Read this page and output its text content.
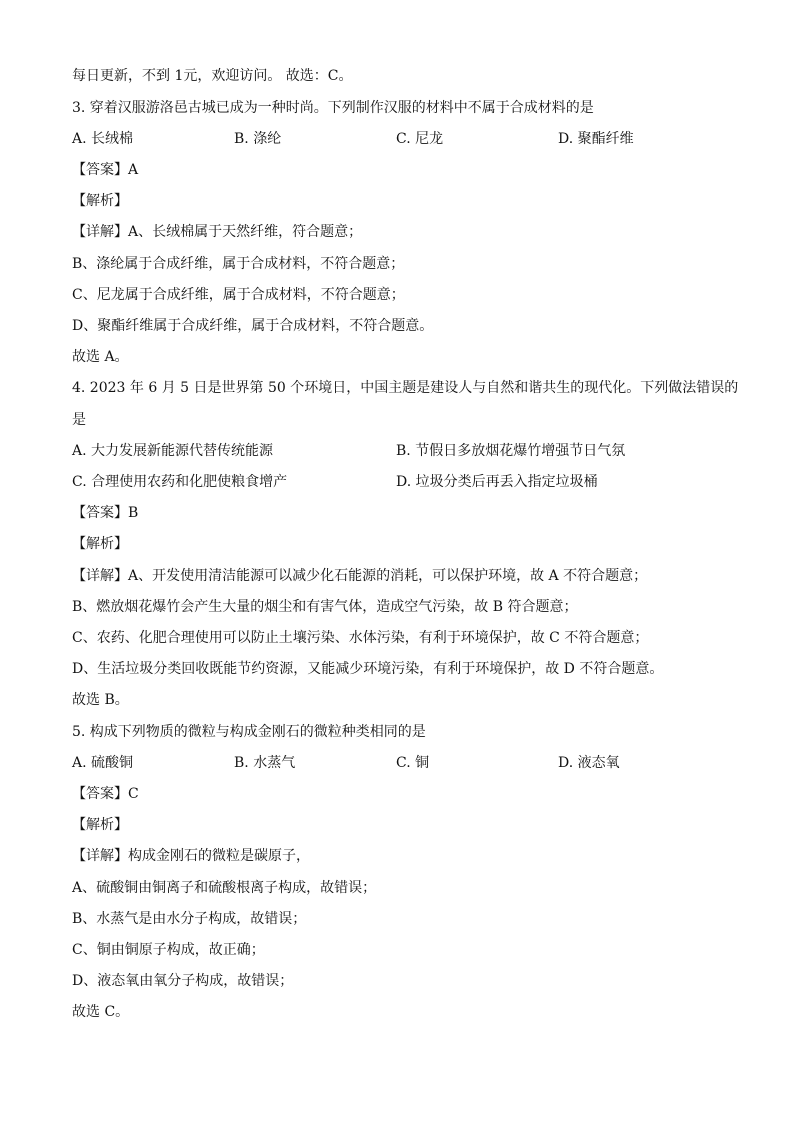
每日更新，不到 1元，欢迎访问。 故选：C。
3. 穿着汉服游洛邑古城已成为一种时尚。下列制作汉服的材料中不属于合成材料的是
A. 长绒棉	B. 涤纶	C. 尼龙	D. 聚酯纤维
【答案】A
【解析】
【详解】A、长绒棉属于天然纤维，符合题意；
B、涤纶属于合成纤维，属于合成材料，不符合题意；
C、尼龙属于合成纤维，属于合成材料，不符合题意；
D、聚酯纤维属于合成纤维，属于合成材料，不符合题意。
故选 A。
4. 2023 年 6 月 5 日是世界第 50 个环境日，中国主题是建设人与自然和谐共生的现代化。下列做法错误的
是
A. 大力发展新能源代替传统能源	B. 节假日多放烟花爆竹增强节日气氛
C. 合理使用农药和化肥使粮食增产	D. 垃圾分类后再丢入指定垃圾桶
【答案】B
【解析】
【详解】A、开发使用清洁能源可以减少化石能源的消耗，可以保护环境，故 A 不符合题意；
B、燃放烟花爆竹会产生大量的烟尘和有害气体，造成空气污染，故 B 符合题意；
C、农药、化肥合理使用可以防止土壤污染、水体污染，有利于环境保护，故 C 不符合题意；
D、生活垃圾分类回收既能节约资源，又能减少环境污染，有利于环境保护，故 D 不符合题意。
故选 B。
5. 构成下列物质的微粒与构成金刚石的微粒种类相同的是
A. 硫酸铜	B. 水蒸气	C. 铜	D. 液态氧
【答案】C
【解析】
【详解】构成金刚石的微粒是碳原子，
A、硫酸铜由铜离子和硫酸根离子构成，故错误；
B、水蒸气是由水分子构成，故错误；
C、铜由铜原子构成，故正确；
D、液态氧由氧分子构成，故错误；
故选 C。
